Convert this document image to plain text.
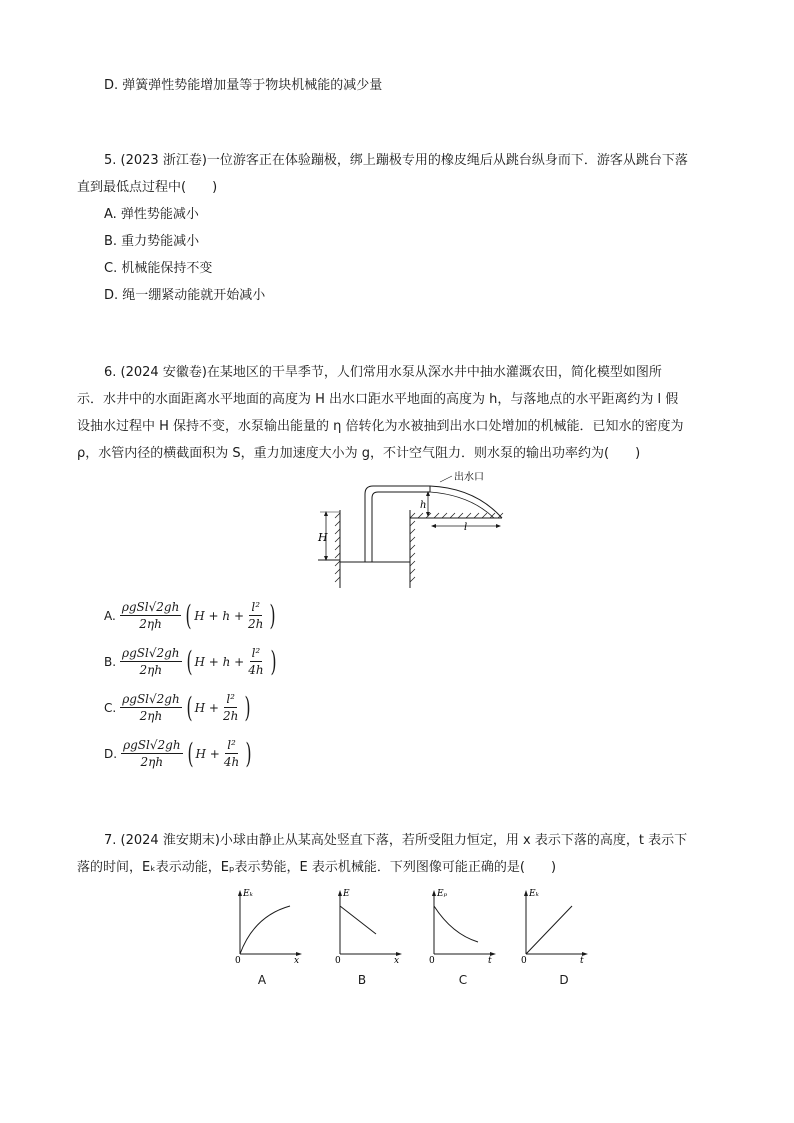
D. 弹簧弹性势能增加量等于物块机械能的减少量
5. (2023 浙江卷)一位游客正在体验蹦极，绑上蹦极专用的橡皮绳后从跳台纵身而下．游客从跳台下落
直到最低点过程中(　　)
A. 弹性势能减小
B. 重力势能减小
C. 机械能保持不变
D. 绳一绷紧动能就开始减小
6. (2024 安徽卷)在某地区的干旱季节，人们常用水泵从深水井中抽水灌溉农田，简化模型如图所
示．水井中的水面距离水平地面的高度为 H 出水口距水平地面的高度为 h，与落地点的水平距离约为 l 假
设抽水过程中 H 保持不变，水泵输出能量的 η 倍转化为水被抽到出水口处增加的机械能．已知水的密度为
ρ，水管内径的横截面积为 S，重力加速度大小为 g，不计空气阻力．则水泵的输出功率约为(　　)
h
l
H
出水口
A. $\frac{\text{ρgSl√2gh}}{2\eta h}$ ( $H + h + \frac{\text{l²}}{2h}$ )
B. $\frac{\text{ρgSl√2gh}}{2\eta h}$ ( $H + h + \frac{\text{l²}}{4h}$ )
C. $\frac{\text{ρgSl√2gh}}{2\eta h}$ ( $H + \frac{\text{l²}}{2h}$ )
D. $\frac{\text{ρgSl√2gh}}{2\eta h}$ ( $H + \frac{\text{l²}}{4h}$ )
7. (2024 淮安期末)小球由静止从某高处竖直下落，若所受阻力恒定，用 x 表示下落的高度，t 表示下
落的时间，Eₖ表示动能，Eₚ表示势能，E 表示机械能．下列图像可能正确的是(　　)
Eₖ
x
0
A
E
x
0
B
Eₚ
t
0
C
Eₖ
t
0
D
